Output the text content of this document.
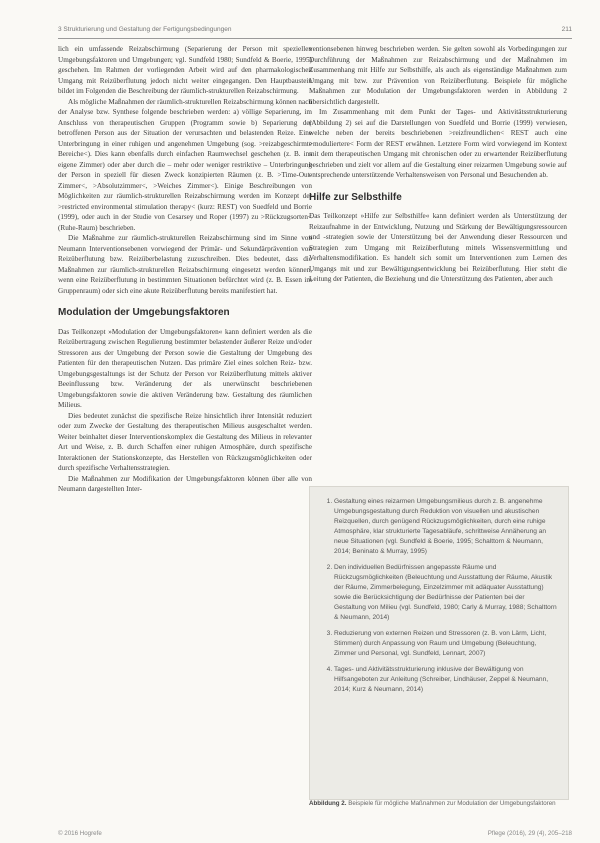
3 Strukturierung und Gestaltung der Fertigungsbedingungen	211

lich ein umfassende Reizabschirmung (Separierung der Person mit speziellen Umgebungsfaktoren und Umgebungen; vgl. Sundfeld 1980; Sundfeld & Boerie, 1995) geschehen. Im Rahmen der vorliegenden Arbeit wird auf den pharmakologischen Umgang mit Reizüberflutung jedoch nicht weiter eingegangen. Den Hauptbaustein bildet im Folgenden die Beschreibung der räumlich-strukturellen Reizabschirmung.

Als mögliche Maßnahmen der räumlich-strukturellen Reizabschirmung können nach der Analyse bzw. Synthese folgende beschrieben werden: a) völlige Separierung, im Anschluss von therapeutischen Gruppen (Programm sowie b) Separierung der betroffenen Person aus der Situation der verursachten und belastenden Reize. Eine Unterbringung in einer ruhigen und angenehmen Umgebung (sog. >reizabgeschirmte Bereiche<). Dies kann ebenfalls durch einfachen Raumwechsel geschehen (z. B. ins eigene Zimmer) oder aber durch die – mehr oder weniger restriktive – Unterbringung der Person in speziell für diesen Zweck konzipierten Räumen (z. B. >Time-Out-Zimmer<, >Absolutzimmer<, >Weiches Zimmer<). Einige Beschreibungen von Möglichkeiten zur räumlich-strukturellen Reizabschirmung werden im Konzept der >restricted environmental stimulation therapy< (kurz: REST) von Suedfeld und Borrie (1999), oder auch in der Studie von Cesarsey und Roper (1997) zu >Rückzugsorten< (Ruhe-Raum) beschrieben.

Die Maßnahme zur räumlich-strukturellen Reizabschirmung sind im Sinne von Neumann Interventionsebenen vorwiegend der Primär- und Sekundärprävention von Reizüberflutung bzw. Reizüberbelastung zuzuschreiben. Dies bedeutet, dass die Maßnahmen zur räumlich-strukturellen Reizabschirmung eingesetzt werden können, wenn eine Reizüberflutung in bestimmten Situationen befürchtet wird (z. B. Essen im Gruppenraum) oder sich eine akute Reizüberflutung bereits manifestiert hat.

Modulation der Umgebungsfaktoren

Das Teilkonzept »Modulation der Umgebungsfaktoren« kann definiert werden als die Reizübertragung zwischen Regulierung bestimmter belastender äußerer Reize und/oder Stressoren aus der Umgebung der Person sowie die Gestaltung der Umgebung des Patienten für den therapeutischen Nutzen. Das primäre Ziel eines solchen Reiz- bzw. Umgebungsgestaltungs ist der Schutz der Person vor Reizüberflutung mittels aktiver Beeinflussung bzw. Veränderung der als unerwünscht beschriebenen Umgebungsfaktoren sowie die aktiven Veränderung bzw. Gestaltung des räumlichen Milieus.

Dies bedeutet zunächst die spezifische Reize hinsichtlich ihrer Intensität reduziert oder zum Zwecke der Gestaltung des therapeutischen Milieus ausgeschaltet werden. Weiter beinhaltet dieser Interventionskomplex die Gestaltung des Milieus in relevanter Art und Weise, z. B. durch Schaffen einer ruhigen Atmosphäre, durch spezifische Interaktionen der Stationskonzepte, das Herstellen von Rückzugsmöglichkeiten oder durch spezifische Verhaltensstrategien.

Die Maßnahmen zur Modifikation der Umgebungsfaktoren können über alle von Neumann dargestellten Inter-

ventionsebenen hinweg beschrieben werden. Sie gelten sowohl als Vorbedingungen zur Durchführung der Maßnahmen zur Reizabschirmung und der Maßnahmen im Zusammenhang mit Hilfe zur Selbsthilfe, als auch als eigenständige Maßnahmen zum Umgang mit bzw. zur Prävention von Reizüberflutung. Beispiele für mögliche Maßnahmen zur Modulation der Umgebungsfaktoren werden in Abbildung 2 übersichtlich dargestellt.

Im Zusammenhang mit dem Punkt der Tages- und Aktivitätsstrukturierung (Abbildung 2) sei auf die Darstellungen von Suedfeld und Borrie (1999) verwiesen, welche neben der bereits beschriebenen >reizfreundlichen< REST auch eine >moduliertere< Form der REST erwähnen. Letztere Form wird vorwiegend im Kontext mit dem therapeutischen Umgang mit chronischen oder zu erwartender Reizüberflutung beschrieben und zielt vor allem auf die Gestaltung einer reizarmen Umgebung sowie auf entsprechende unterstützende Verhaltensweisen von Personal und Besuchenden ab.

Hilfe zur Selbsthilfe

Das Teilkonzept »Hilfe zur Selbsthilfe« kann definiert werden als Unterstützung der Reizaufnahme in der Entwicklung, Nutzung und Stärkung der Bewältigungsressourcen und -strategien sowie der Unterstützung bei der Anwendung dieser Ressourcen und Strategien zum Umgang mit Reizüberflutung mittels Wissensvermittlung und Verhaltensmodifikation. Es handelt sich somit um Interventionen zum Lernen des Umgangs mit und zur Bewältigungsentwicklung bei Reizüberflutung. Hier steht die Leitung der Patienten, die Beziehung und die Unterstützung des Patienten, aber auch

1. Gestaltung eines reizarmen Umgebungsmilieus durch z. B. angenehme Umgebungsgestaltung durch Reduktion von visuellen und akustischen Reizquellen, durch genügend Rückzugsmöglichkeiten, durch eine ruhige Atmosphäre, klar strukturierte Tagesabläufe, schrittweise Annäherung an neue Situationen (vgl. Sundfeld & Boerie, 1995; Schalttorn & Neumann, 2014; Beninato & Murray, 1995)
2. Den individuellen Bedürfnissen angepasste Räume und Rückzugsmöglichkeiten (Beleuchtung und Ausstattung der Räume, Akustik der Räume, Zimmerbelegung, Einzelzimmer mit adäquater Ausstattung) sowie die Berücksichtigung der Bedürfnisse der Patienten bei der Gestaltung von Milieu (vgl. Sundfeld, 1980; Carly & Murray, 1988; Schalttorn & Neumann, 2014)
3. Reduzierung von externen Reizen und Stressoren (z. B. von Lärm, Licht, Stimmen) durch Anpassung von Raum und Umgebung (Beleuchtung, Zimmer und Personal, vgl. Sundfeld, Lennart, 2007)
4. Tages- und Aktivitätsstrukturierung inklusive der Bewältigung von Hilfsangeboten zur Anleitung (Schreiber, Lindhäuser, Zeppel & Neumann, 2014; Kurz & Neumann, 2014)
Abbildung 2. Beispiele für mögliche Maßnahmen zur Modulation der Umgebungsfaktoren
© 2016 Hogrefe	Pflege (2016), 29 (4), 205–218
